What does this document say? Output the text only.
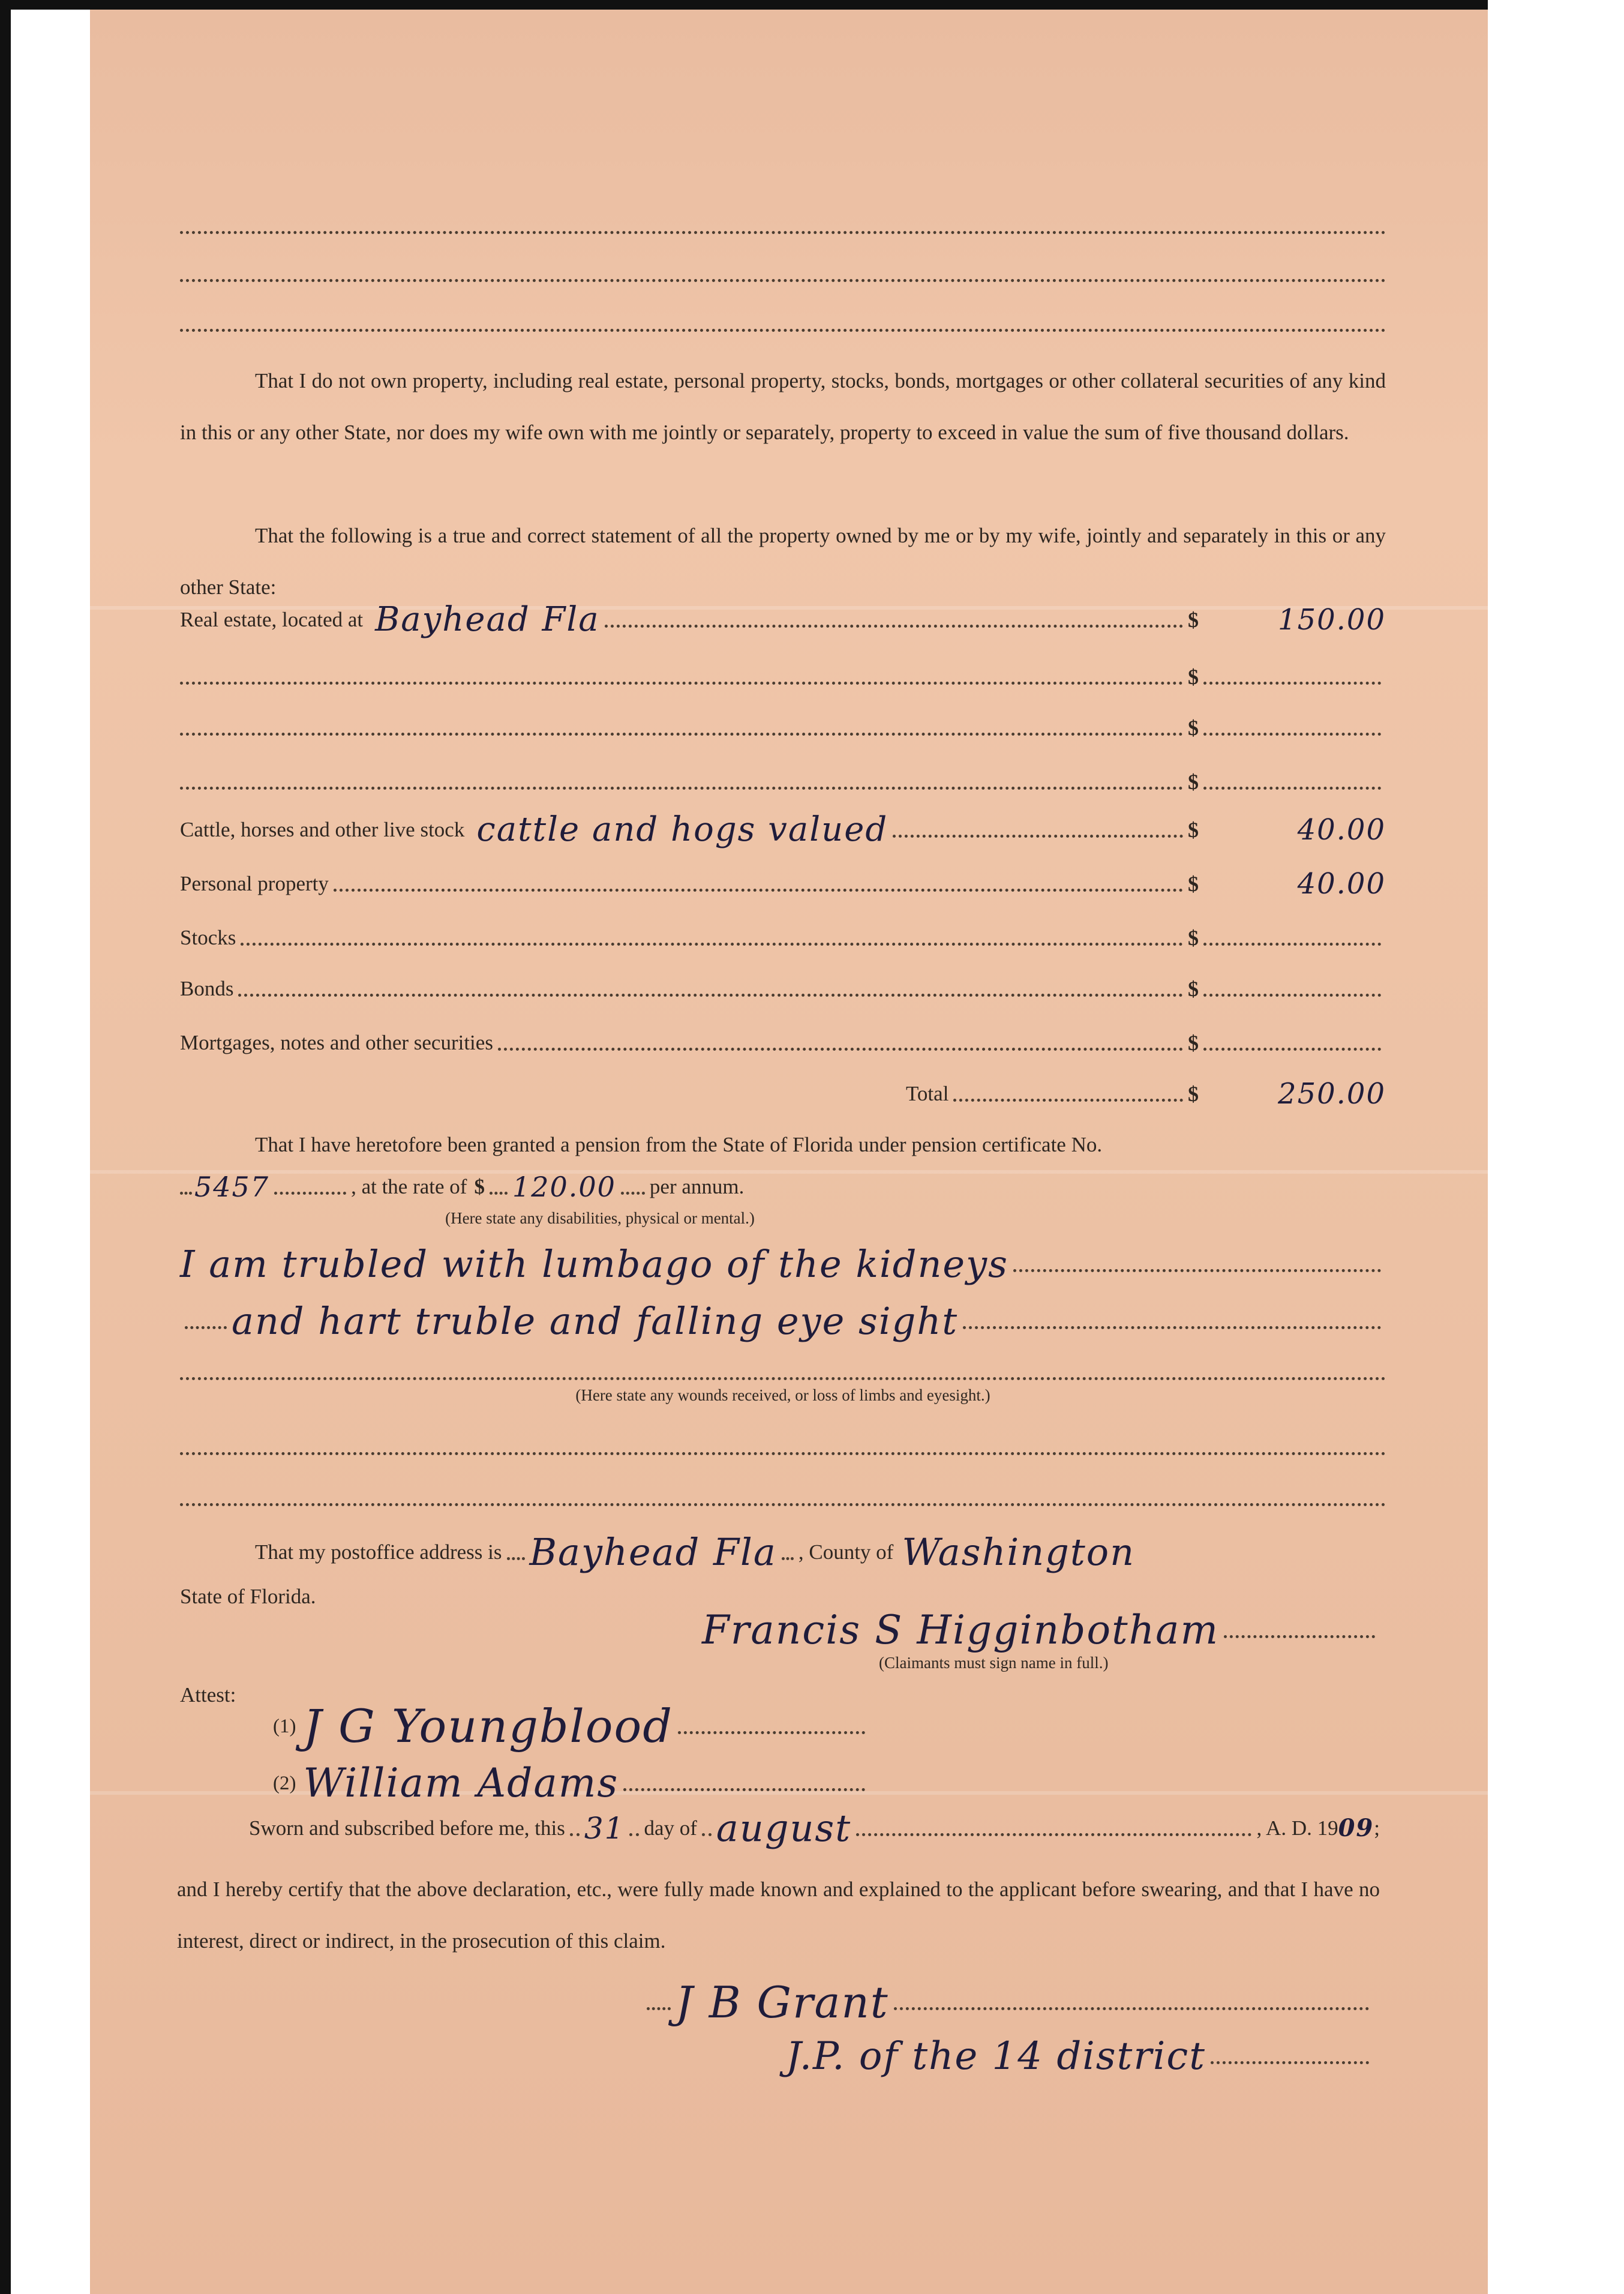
That I do not own property, including real estate, personal property, stocks, bonds, mortgages or other collateral securities of any kind in this or any other State, nor does my wife own with me jointly or separately, property to exceed in value the sum of five thousand dollars.
That the following is a true and correct statement of all the property owned by me or by my wife, jointly and separately in this or any other State:
Real estate, located at Bayhead Fla	$	150.00
$
$
$
Cattle, horses and other live stock cattle and hogs valued	$	40.00
Personal property	$	40.00
Stocks	$
Bonds	$
Mortgages, notes and other securities	$
Total	$	250.00
That I have heretofore been granted a pension from the State of Florida under pension certificate No.
5457	, at the rate of $ 120.00 per annum.
(Here state any disabilities, physical or mental.)
I am trubled with lumbago of the kidneys
and hart truble and falling eye sight
(Here state any wounds received, or loss of limbs and eyesight.)
That my postoffice address is Bayhead Fla , County of Washington
State of Florida.
Francis S Higginbotham
(Claimants must sign name in full.)
Attest:
(1) J G Youngblood
(2) William Adams
Sworn and subscribed before me, this 31 day of august	, A. D. 19 09 ;
and I hereby certify that the above declaration, etc., were fully made known and explained to the applicant before swearing, and that I have no interest, direct or indirect, in the prosecution of this claim.
J B Grant
J.P. of the 14 district
